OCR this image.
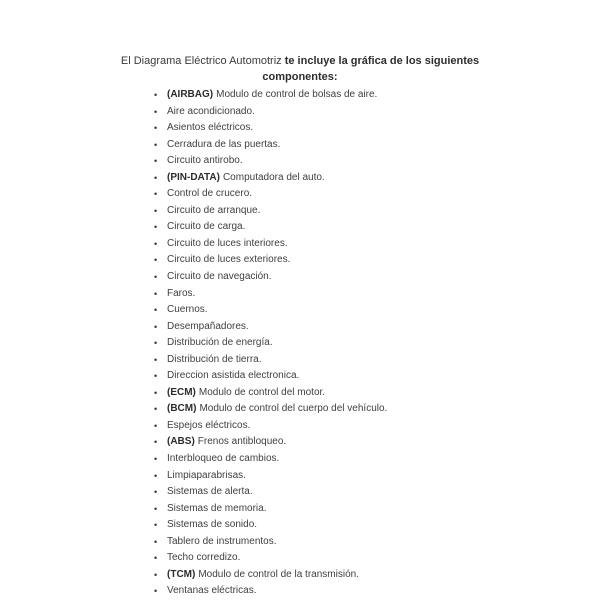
El Diagrama Eléctrico Automotriz te incluye la gráfica de los siguientes componentes:

• (AIRBAG) Modulo de control de bolsas de aire.
• Aire acondicionado.
• Asientos eléctricos.
• Cerradura de las puertas.
• Circuito antirobo.
• (PIN-DATA) Computadora del auto.
• Control de crucero.
• Circuito de arranque.
• Circuito de carga.
• Circuito de luces interiores.
• Circuito de luces exteriores.
• Circuito de navegación.
• Faros.
• Cuernos.
• Desempañadores.
• Distribución de energía.
• Distribución de tierra.
• Direccion asistida electronica.
• (ECM) Modulo de control del motor.
• (BCM) Modulo de control del cuerpo del vehículo.
• Espejos eléctricos.
• (ABS) Frenos antibloqueo.
• Interbloqueo de cambios.
• Limpiaparabrisas.
• Sistemas de alerta.
• Sistemas de memoria.
• Sistemas de sonido.
• Tablero de instrumentos.
• Techo corredizo.
• (TCM) Modulo de control de la transmisión.
• Ventanas eléctricas.
